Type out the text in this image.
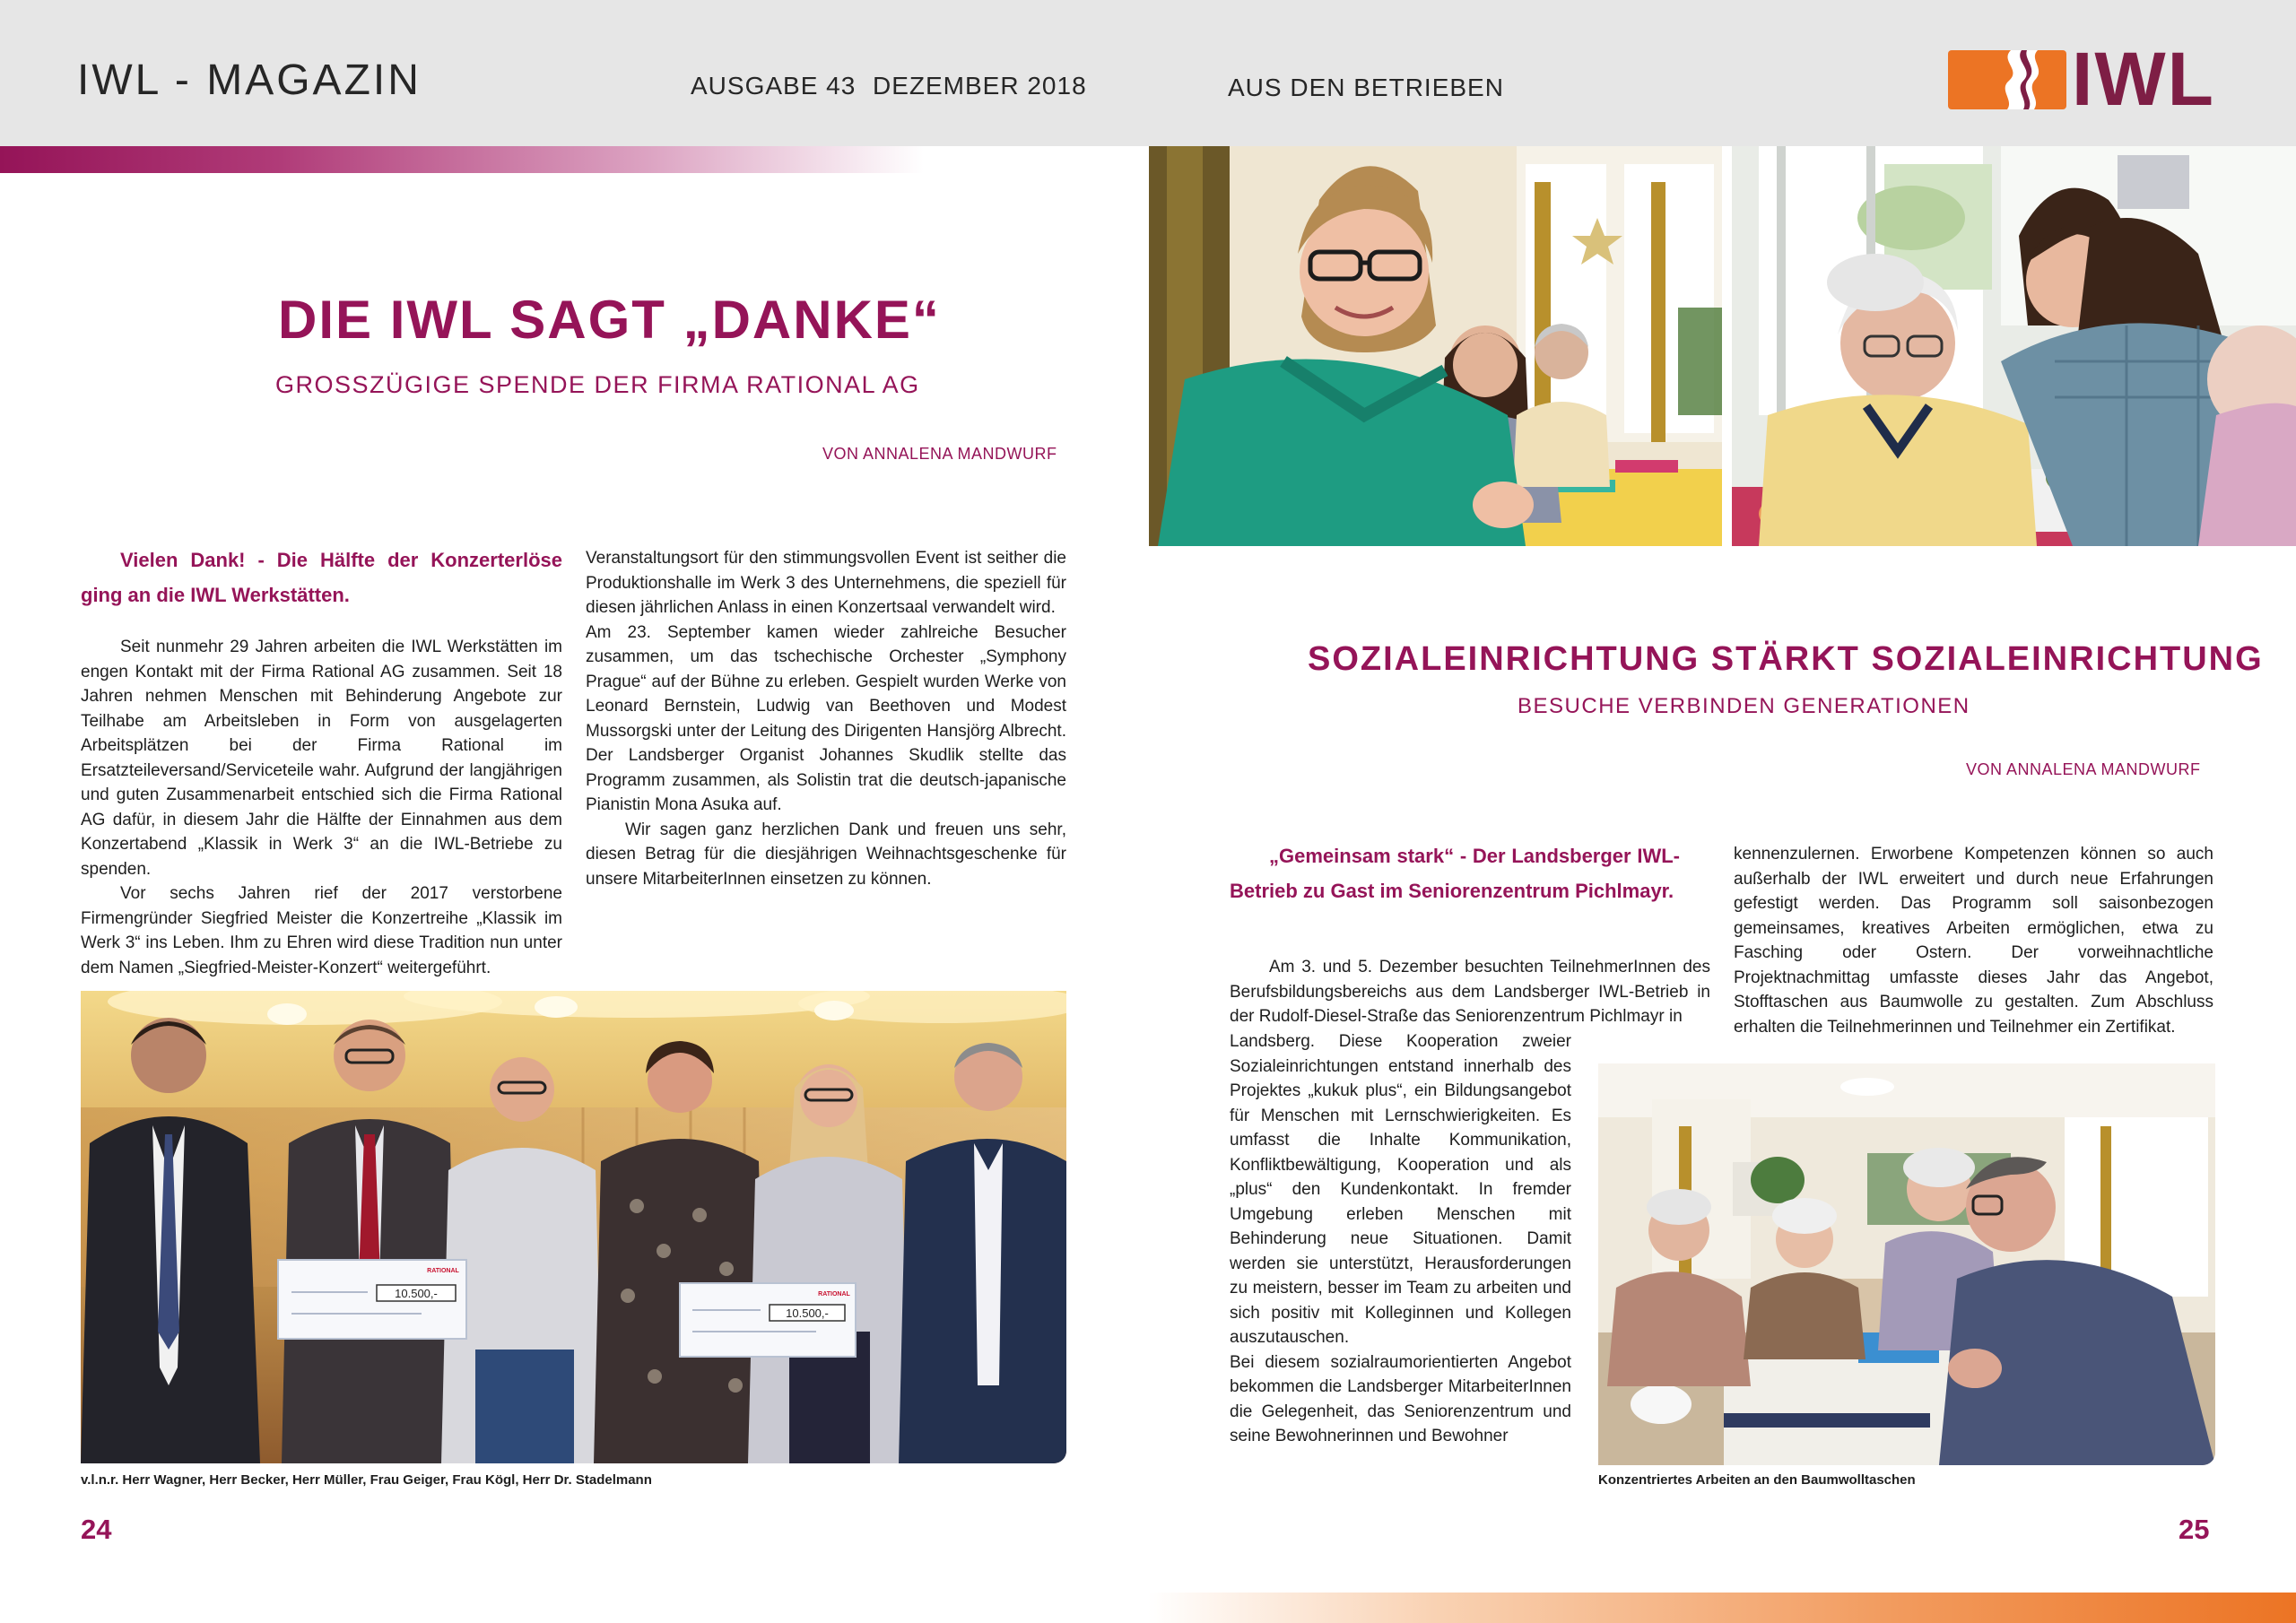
IWL - MAGAZIN	AUSGABE 43 DEZEMBER 2018	AUS DEN BETRIEBEN	IWL
DIE IWL SAGT „DANKE“
GROSSZÜGIGE SPENDE DER FIRMA RATIONAL AG
VON ANNALENA MANDWURF

Vielen Dank! - Die Hälfte der Konzerterlöse ging an die IWL Werkstätten.

Seit nunmehr 29 Jahren arbeiten die IWL Werkstätten im engen Kontakt mit der Firma Rational AG zusammen. Seit 18 Jahren nehmen Menschen mit Behinderung Angebote zur Teilhabe am Arbeitsleben in Form von ausgelagerten Arbeitsplätzen bei der Firma Rational im Ersatzteileversand/Serviceteile wahr. Aufgrund der langjährigen und guten Zusammenarbeit entschied sich die Firma Rational AG dafür, in diesem Jahr die Hälfte der Einnahmen aus dem Konzertabend „Klassik in Werk 3“ an die IWL-Betriebe zu spenden.

Vor sechs Jahren rief der 2017 verstorbene Firmengründer Siegfried Meister die Konzertreihe „Klassik im Werk 3“ ins Leben. Ihm zu Ehren wird diese Tradition nun unter dem Namen „Siegfried-Meister-Konzert“ weitergeführt.

Veranstaltungsort für den stimmungsvollen Event ist seither die Produktionshalle im Werk 3 des Unternehmens, die speziell für diesen jährlichen Anlass in einen Konzertsaal verwandelt wird.

Am 23. September kamen wieder zahlreiche Besucher zusammen, um das tschechische Orchester „Symphony Prague“ auf der Bühne zu erleben. Gespielt wurden Werke von Leonard Bernstein, Ludwig van Beethoven und Modest Mussorgski unter der Leitung des Dirigenten Hansjörg Albrecht. Der Landsberger Organist Johannes Skudlik stellte das Programm zusammen, als Solistin trat die deutsch-japanische Pianistin Mona Asuka auf.

Wir sagen ganz herzlichen Dank und freuen uns sehr, diesen Betrag für die diesjährigen Weihnachtsgeschenke für unsere MitarbeiterInnen einsetzen zu können.

10.500,-
RATIONAL
10.500,-
RATIONAL
v.l.n.r. Herr Wagner, Herr Becker, Herr Müller, Frau Geiger, Frau Kögl, Herr Dr. Stadelmann
24
SOZIALEINRICHTUNG STÄRKT SOZIALEINRICHTUNG
BESUCHE VERBINDEN GENERATIONEN
VON ANNALENA MANDWURF

„Gemeinsam stark“ - Der Landsberger IWL-Betrieb zu Gast im Seniorenzentrum Pichlmayr.

Am 3. und 5. Dezember besuchten TeilnehmerInnen des Berufsbildungsbereichs aus dem Landsberger IWL-Betrieb in der Rudolf-Diesel-Straße das Seniorenzentrum Pichlmayr in

Landsberg. Diese Kooperation zweier Sozialeinrichtungen entstand innerhalb des Projektes „kukuk plus“, ein Bildungsangebot für Menschen mit Lernschwierigkeiten. Es umfasst die Inhalte Kommunikation, Konfliktbewältigung, Kooperation und als „plus“ den Kundenkontakt. In fremder Umgebung erleben Menschen mit Behinderung neue Situationen. Damit werden sie unterstützt, Herausforderungen zu meistern, besser im Team zu arbeiten und sich positiv mit Kolleginnen und Kollegen auszutauschen.

Bei diesem sozialraumorientierten Angebot bekommen die Landsberger MitarbeiterInnen die Gelegenheit, das Seniorenzentrum und seine Bewohnerinnen und Bewohner

kennenzulernen. Erworbene Kompetenzen können so auch außerhalb der IWL erweitert und durch neue Erfahrungen gefestigt werden. Das Programm soll saisonbezogen gemeinsames, kreatives Arbeiten ermöglichen, etwa zu Fasching oder Ostern. Der vorweihnachtliche Projektnachmittag umfasste dieses Jahr das Angebot, Stofftaschen aus Baumwolle zu gestalten. Zum Abschluss erhalten die Teilnehmerinnen und Teilnehmer ein Zertifikat.

Konzentriertes Arbeiten an den Baumwolltaschen
25
